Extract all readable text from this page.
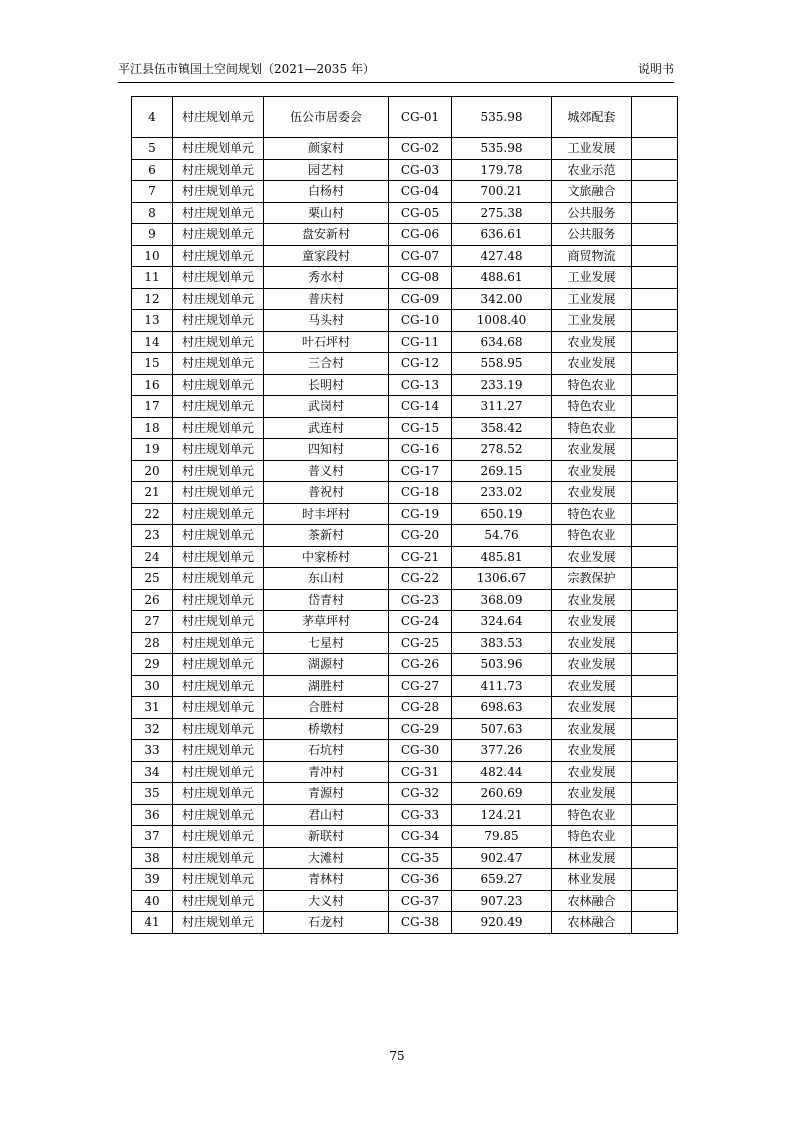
平江县伍市镇国土空间规划（2021—2035 年）	说明书
4	村庄规划单元	伍公市居委会	CG-01	535.98	城郊配套	
5	村庄规划单元	颜家村	CG-02	535.98	工业发展	
6	村庄规划单元	园艺村	CG-03	179.78	农业示范	
7	村庄规划单元	白杨村	CG-04	700.21	文旅融合	
8	村庄规划单元	栗山村	CG-05	275.38	公共服务	
9	村庄规划单元	盘安新村	CG-06	636.61	公共服务	
10	村庄规划单元	童家段村	CG-07	427.48	商贸物流	
11	村庄规划单元	秀水村	CG-08	488.61	工业发展	
12	村庄规划单元	普庆村	CG-09	342.00	工业发展	
13	村庄规划单元	马头村	CG-10	1008.40	工业发展	
14	村庄规划单元	叶石坪村	CG-11	634.68	农业发展	
15	村庄规划单元	三合村	CG-12	558.95	农业发展	
16	村庄规划单元	长明村	CG-13	233.19	特色农业	
17	村庄规划单元	武岗村	CG-14	311.27	特色农业	
18	村庄规划单元	武连村	CG-15	358.42	特色农业	
19	村庄规划单元	四知村	CG-16	278.52	农业发展	
20	村庄规划单元	普义村	CG-17	269.15	农业发展	
21	村庄规划单元	普祝村	CG-18	233.02	农业发展	
22	村庄规划单元	时丰坪村	CG-19	650.19	特色农业	
23	村庄规划单元	茶新村	CG-20	54.76	特色农业	
24	村庄规划单元	中家桥村	CG-21	485.81	农业发展	
25	村庄规划单元	东山村	CG-22	1306.67	宗教保护	
26	村庄规划单元	岱青村	CG-23	368.09	农业发展	
27	村庄规划单元	茅草坪村	CG-24	324.64	农业发展	
28	村庄规划单元	七星村	CG-25	383.53	农业发展	
29	村庄规划单元	湖源村	CG-26	503.96	农业发展	
30	村庄规划单元	湖胜村	CG-27	411.73	农业发展	
31	村庄规划单元	合胜村	CG-28	698.63	农业发展	
32	村庄规划单元	桥墩村	CG-29	507.63	农业发展	
33	村庄规划单元	石坑村	CG-30	377.26	农业发展	
34	村庄规划单元	青冲村	CG-31	482.44	农业发展	
35	村庄规划单元	青源村	CG-32	260.69	农业发展	
36	村庄规划单元	君山村	CG-33	124.21	特色农业	
37	村庄规划单元	新联村	CG-34	79.85	特色农业	
38	村庄规划单元	大滩村	CG-35	902.47	林业发展	
39	村庄规划单元	青林村	CG-36	659.27	林业发展	
40	村庄规划单元	大义村	CG-37	907.23	农林融合	
41	村庄规划单元	石龙村	CG-38	920.49	农林融合	
75
